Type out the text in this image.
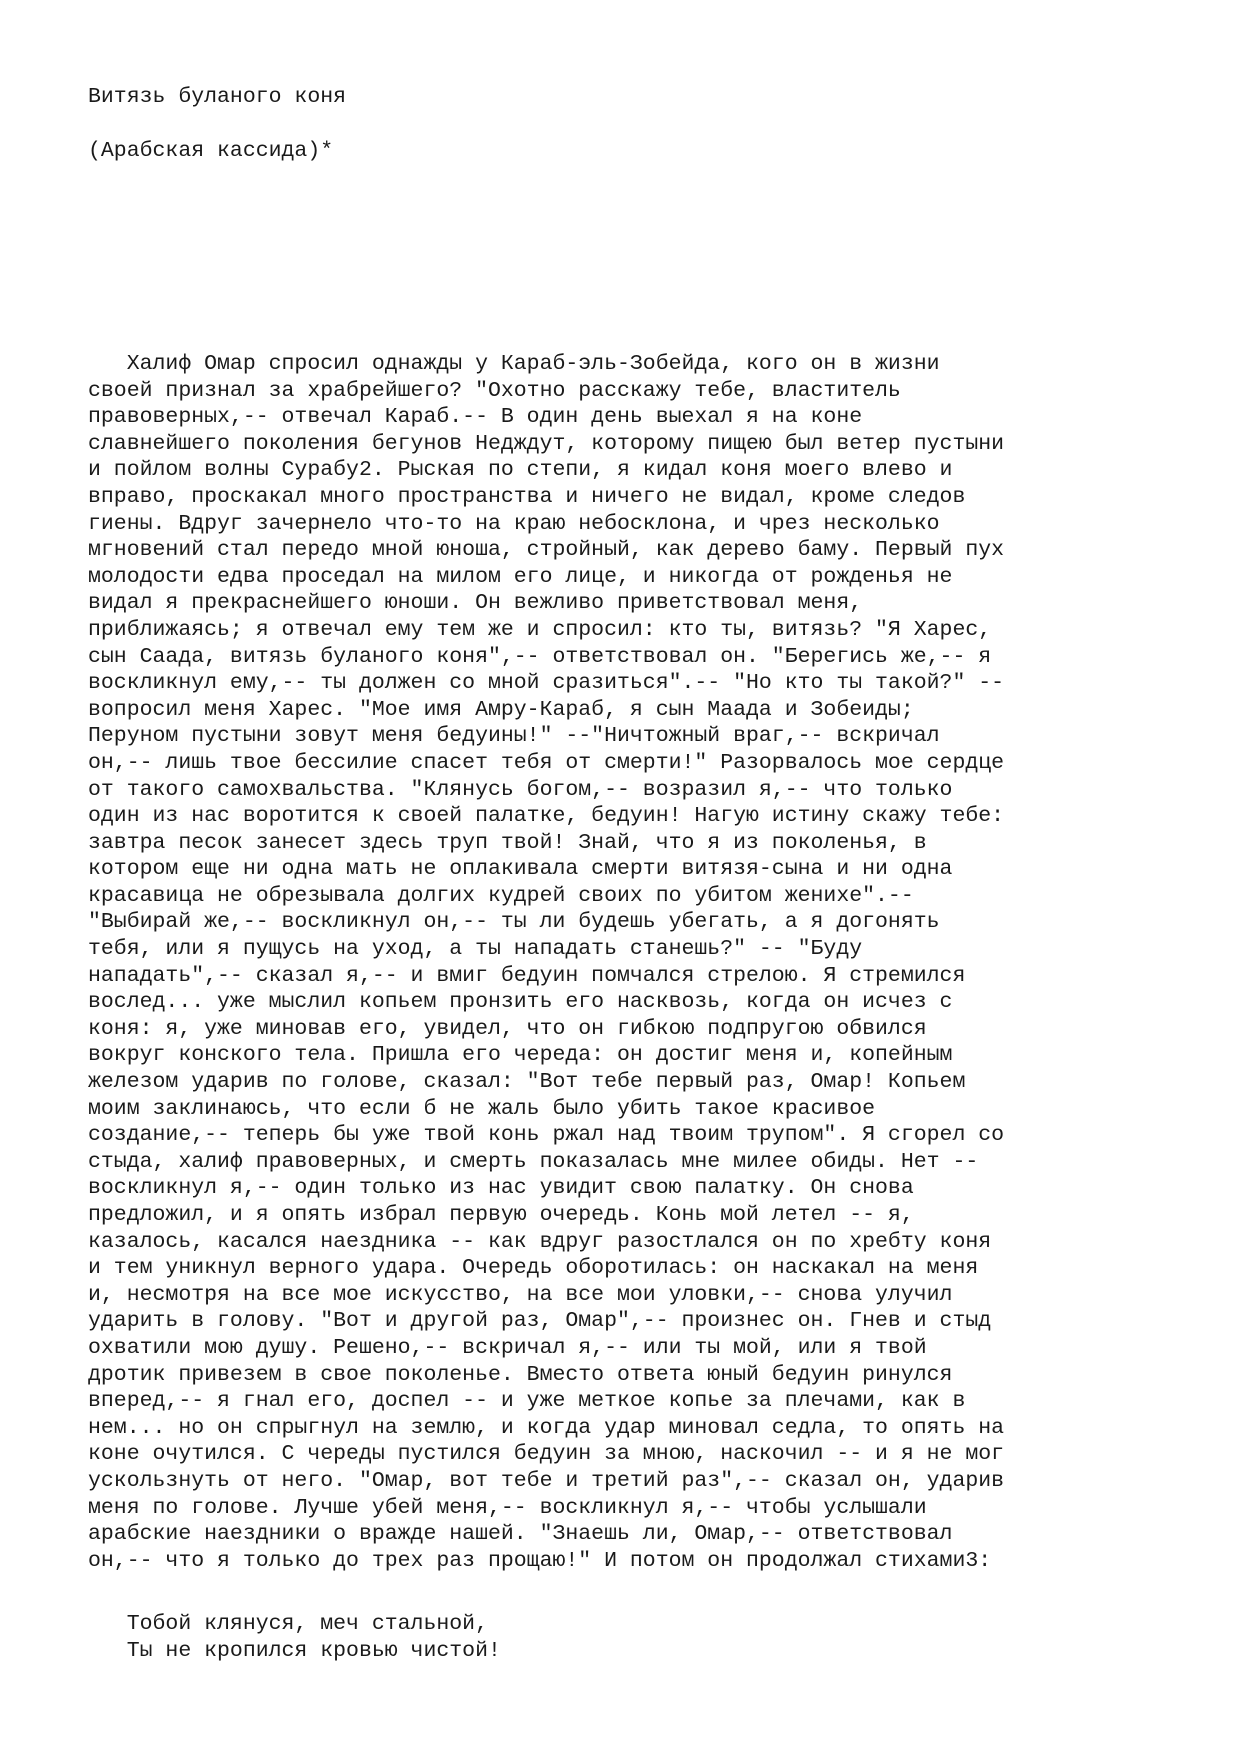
Витязь буланого коня
(Арабская кассида)*
Халиф Омар спросил однажды у Караб-эль-Зобейда, кого он в жизни
своей признал за храбрейшего? "Охотно расскажу тебе, властитель
правоверных,-- отвечал Караб.-- В один день выехал я на коне
славнейшего поколения бегунов Недждут, которому пищею был ветер пустыни
и пойлом волны Сурабу2. Рыская по степи, я кидал коня моего влево и
вправо, проскакал много пространства и ничего не видал, кроме следов
гиены. Вдруг зачернело что-то на краю небосклона, и чрез несколько
мгновений стал передо мной юноша, стройный, как дерево баму. Первый пух
молодости едва проседал на милом его лице, и никогда от рожденья не
видал я прекраснейшего юноши. Он вежливо приветствовал меня,
приближаясь; я отвечал ему тем же и спросил: кто ты, витязь? "Я Харес,
сын Саада, витязь буланого коня",-- ответствовал он. "Берегись же,-- я
воскликнул ему,-- ты должен со мной сразиться".-- "Но кто ты такой?" --
вопросил меня Харес. "Мое имя Амру-Караб, я сын Маада и Зобеиды;
Перуном пустыни зовут меня бедуины!" --"Ничтожный враг,-- вскричал
он,-- лишь твое бессилие спасет тебя от смерти!" Разорвалось мое сердце
от такого самохвальства. "Клянусь богом,-- возразил я,-- что только
один из нас воротится к своей палатке, бедуин! Нагую истину скажу тебе:
завтра песок занесет здесь труп твой! Знай, что я из поколенья, в
котором еще ни одна мать не оплакивала смерти витязя-сына и ни одна
красавица не обрезывала долгих кудрей своих по убитом женихе".--
"Выбирай же,-- воскликнул он,-- ты ли будешь убегать, а я догонять
тебя, или я пущусь на уход, а ты нападать станешь?" -- "Буду
нападать",-- сказал я,-- и вмиг бедуин помчался стрелою. Я стремился
вослед... уже мыслил копьем пронзить его насквозь, когда он исчез с
коня: я, уже миновав его, увидел, что он гибкою подпругою обвился
вокруг конского тела. Пришла его череда: он достиг меня и, копейным
железом ударив по голове, сказал: "Вот тебе первый раз, Омар! Копьем
моим заклинаюсь, что если б не жаль было убить такое красивое
создание,-- теперь бы уже твой конь ржал над твоим трупом". Я сгорел со
стыда, халиф правоверных, и смерть показалась мне милее обиды. Нет --
воскликнул я,-- один только из нас увидит свою палатку. Он снова
предложил, и я опять избрал первую очередь. Конь мой летел -- я,
казалось, касался наездника -- как вдруг разостлался он по хребту коня
и тем уникнул верного удара. Очередь оборотилась: он наскакал на меня
и, несмотря на все мое искусство, на все мои уловки,-- снова улучил
ударить в голову. "Вот и другой раз, Омар",-- произнес он. Гнев и стыд
охватили мою душу. Решено,-- вскричал я,-- или ты мой, или я твой
дротик привезем в свое поколенье. Вместо ответа юный бедуин ринулся
вперед,-- я гнал его, доспел -- и уже меткое копье за плечами, как в
нем... но он спрыгнул на землю, и когда удар миновал седла, то опять на
коне очутился. С череды пустился бедуин за мною, наскочил -- и я не мог
ускользнуть от него. "Омар, вот тебе и третий раз",-- сказал он, ударив
меня по голове. Лучше убей меня,-- воскликнул я,-- чтобы услышали
арабские наездники о вражде нашей. "Знаешь ли, Омар,-- ответствовал
он,-- что я только до трех раз прощаю!" И потом он продолжал стихами3:
Тобой клянуся, меч стальной,
Ты не кропился кровью чистой!
